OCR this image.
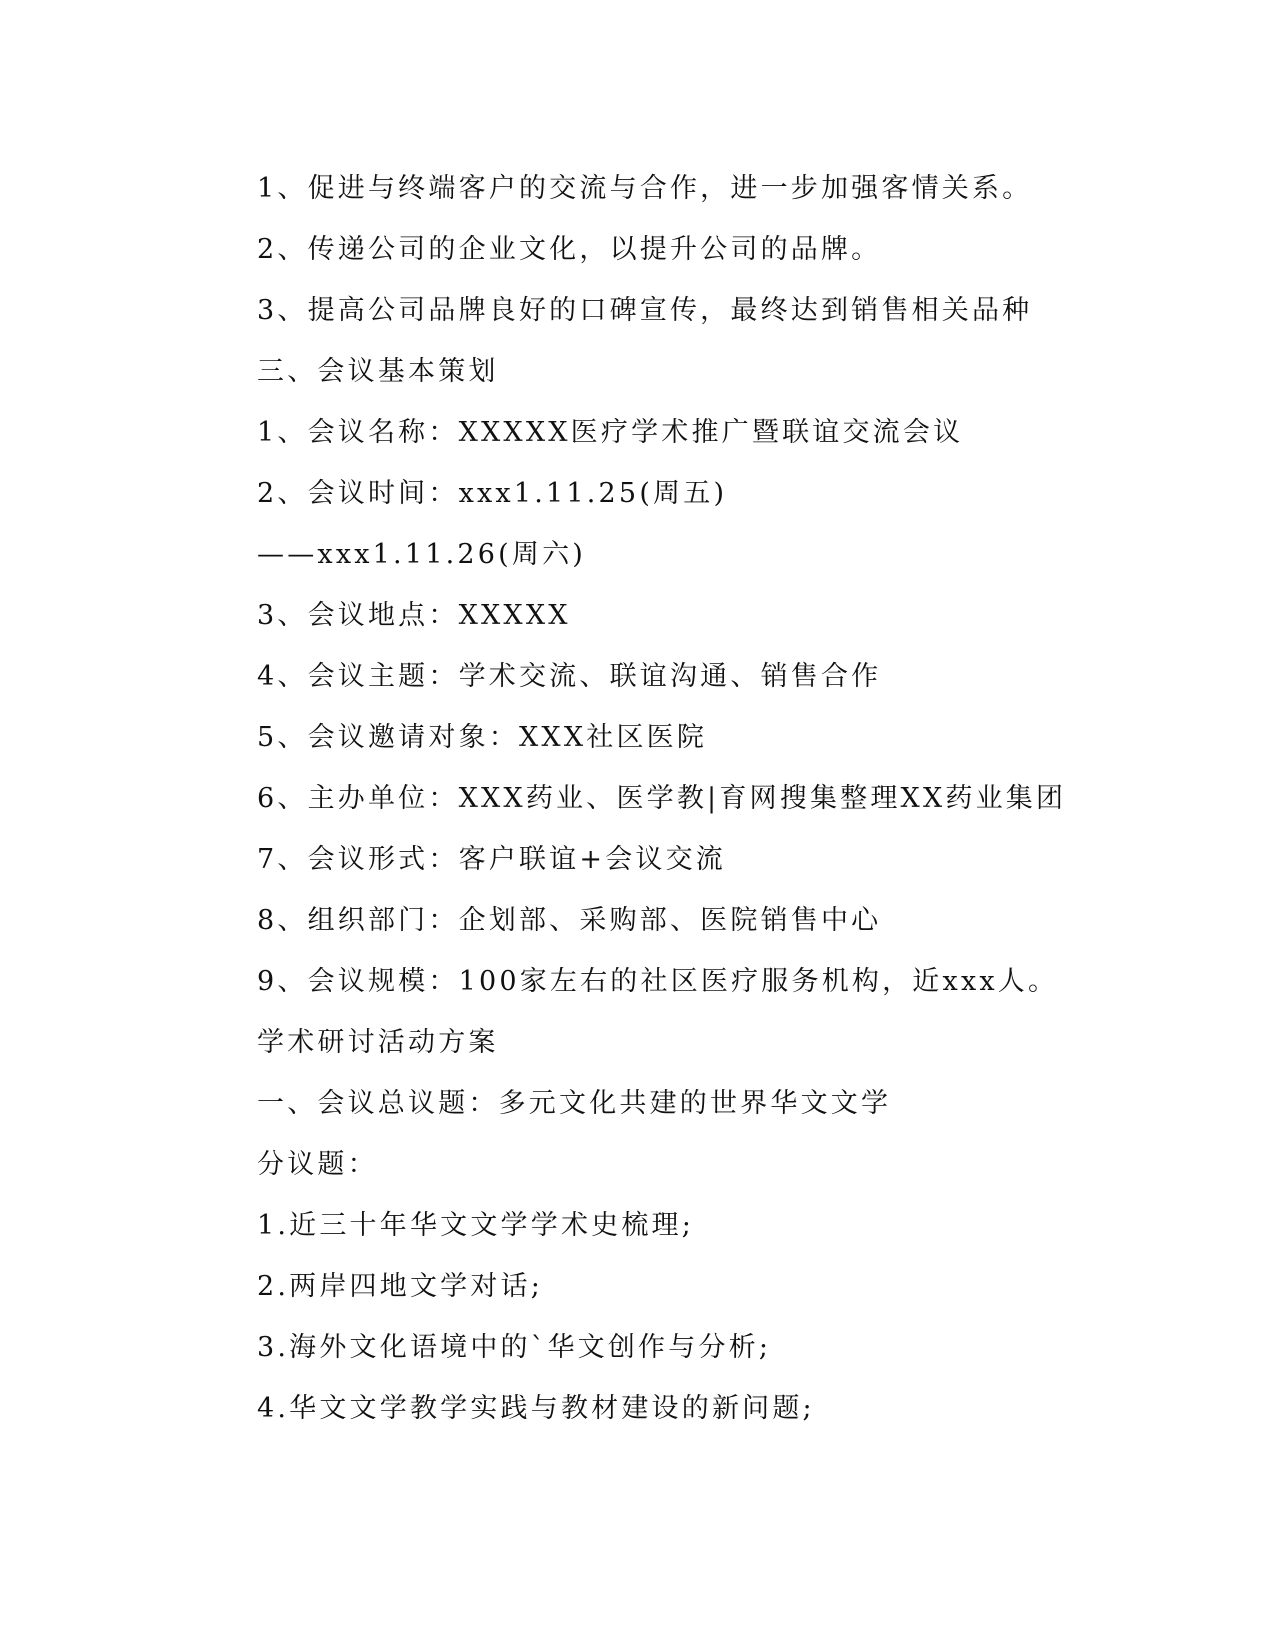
1、促进与终端客户的交流与合作，进一步加强客情关系。
2、传递公司的企业文化，以提升公司的品牌。
3、提高公司品牌良好的口碑宣传，最终达到销售相关品种
三、会议基本策划
1、会议名称：XXXXX医疗学术推广暨联谊交流会议
2、会议时间：xxx1.11.25(周五)
——xxx1.11.26(周六)
3、会议地点：XXXXX
4、会议主题：学术交流、联谊沟通、销售合作
5、会议邀请对象：XXX社区医院
6、主办单位：XXX药业、医学教|育网搜集整理XX药业集团
7、会议形式：客户联谊+会议交流
8、组织部门：企划部、采购部、医院销售中心
9、会议规模：100家左右的社区医疗服务机构，近xxx人。
学术研讨活动方案
一、会议总议题：多元文化共建的世界华文文学
分议题：
1.近三十年华文文学学术史梳理;
2.两岸四地文学对话;
3.海外文化语境中的`华文创作与分析;
4.华文文学教学实践与教材建设的新问题;
